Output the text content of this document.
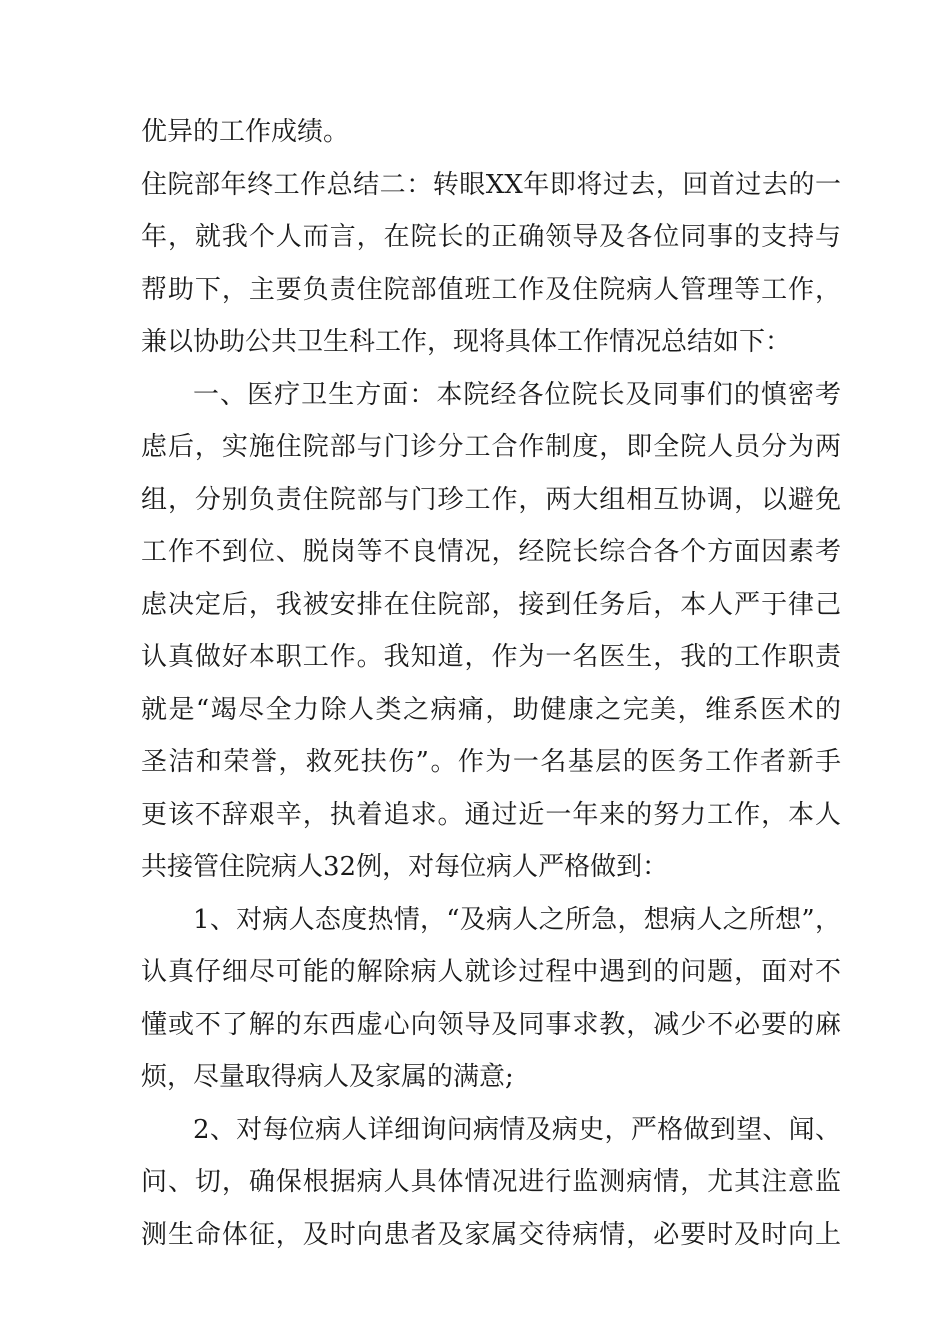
优异的工作成绩。
住院部年终工作总结二：转眼XX年即将过去，回首过去的一
年，就我个人而言，在院长的正确领导及各位同事的支持与
帮助下，主要负责住院部值班工作及住院病人管理等工作，
兼以协助公共卫生科工作，现将具体工作情况总结如下：
一、医疗卫生方面：本院经各位院长及同事们的慎密考
虑后，实施住院部与门诊分工合作制度，即全院人员分为两
组，分别负责住院部与门珍工作，两大组相互协调，以避免
工作不到位、脱岗等不良情况，经院长综合各个方面因素考
虑决定后，我被安排在住院部，接到任务后，本人严于律己
认真做好本职工作。我知道，作为一名医生，我的工作职责
就是“竭尽全力除人类之病痛，助健康之完美，维系医术的
圣洁和荣誉，救死扶伤”。作为一名基层的医务工作者新手
更该不辞艰辛，执着追求。通过近一年来的努力工作，本人
共接管住院病人32例，对每位病人严格做到：
1、对病人态度热情，“及病人之所急，想病人之所想”，
认真仔细尽可能的解除病人就诊过程中遇到的问题，面对不
懂或不了解的东西虚心向领导及同事求教，减少不必要的麻
烦，尽量取得病人及家属的满意;
2、对每位病人详细询问病情及病史，严格做到望、闻、
问、切，确保根据病人具体情况进行监测病情，尤其注意监
测生命体征，及时向患者及家属交待病情，必要时及时向上
